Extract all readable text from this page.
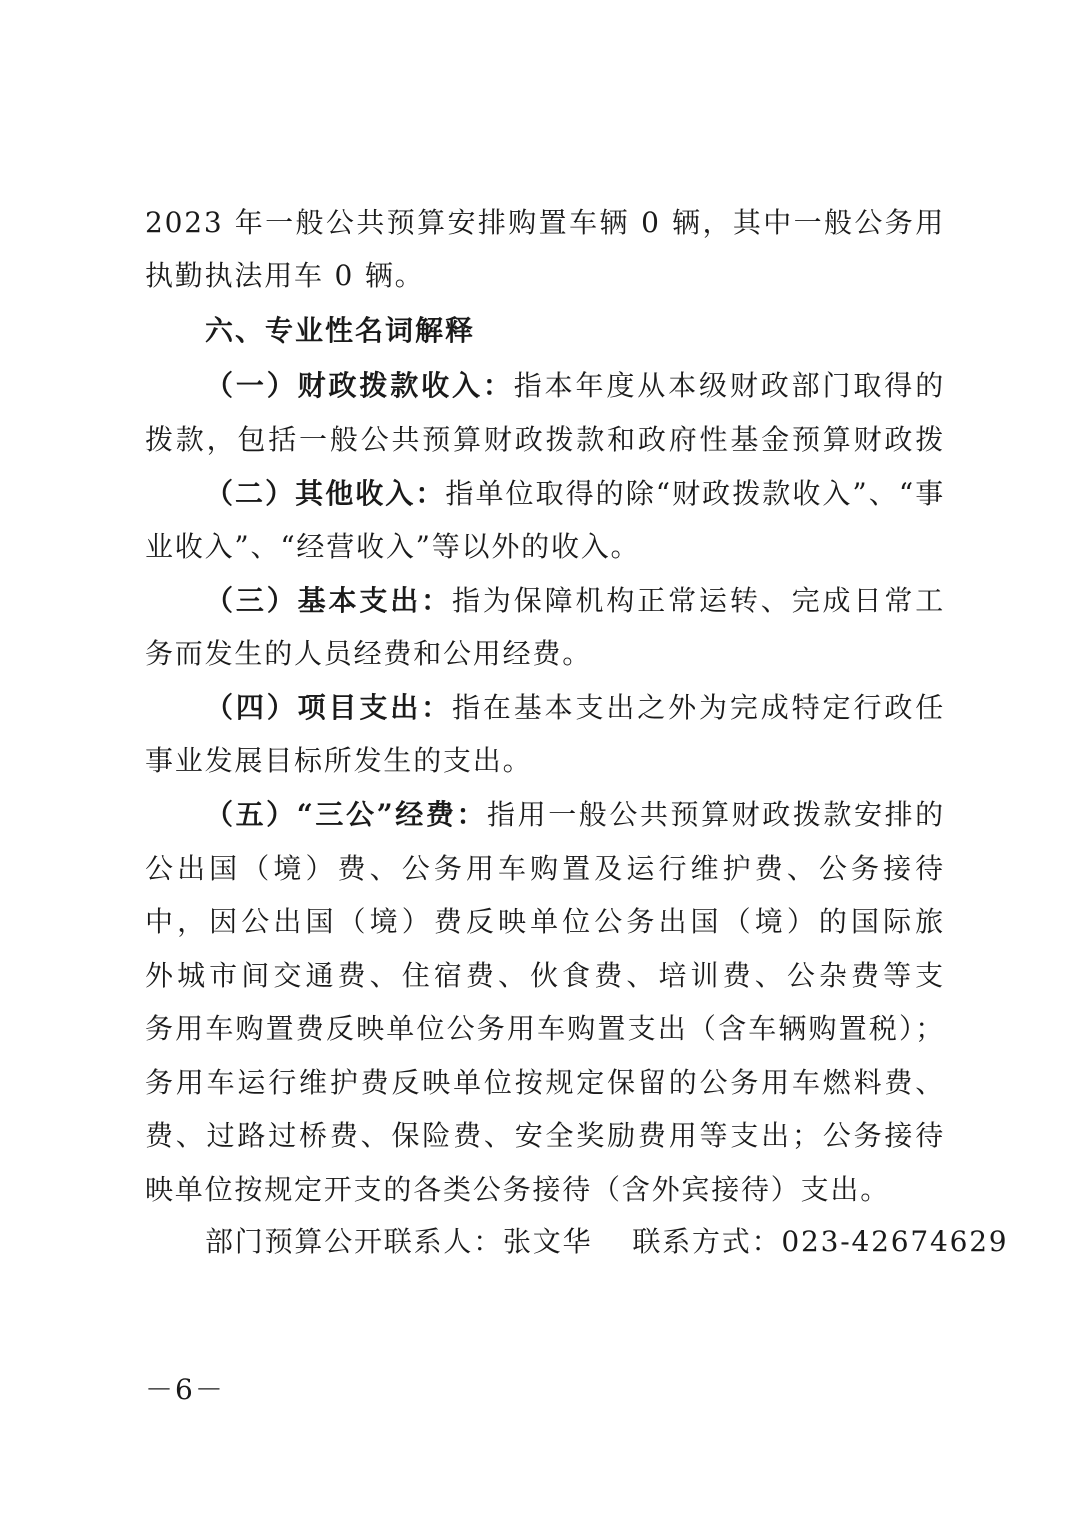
2023 年一般公共预算安排购置车辆 0 辆，其中一般公务用
执勤执法用车 0 辆。
六、专业性名词解释
（一）财政拨款收入：指本年度从本级财政部门取得的
拨款，包括一般公共预算财政拨款和政府性基金预算财政拨
（二）其他收入：指单位取得的除“财政拨款收入”、“事
业收入”、“经营收入”等以外的收入。
（三）基本支出：指为保障机构正常运转、完成日常工
务而发生的人员经费和公用经费。
（四）项目支出：指在基本支出之外为完成特定行政任
事业发展目标所发生的支出。
（五）“三公”经费：指用一般公共预算财政拨款安排的
公出国（境）费、公务用车购置及运行维护费、公务接待
中，因公出国（境）费反映单位公务出国（境）的国际旅
外城市间交通费、住宿费、伙食费、培训费、公杂费等支
务用车购置费反映单位公务用车购置支出（含车辆购置税）；
务用车运行维护费反映单位按规定保留的公务用车燃料费、
费、过路过桥费、保险费、安全奖励费用等支出；公务接待
映单位按规定开支的各类公务接待（含外宾接待）支出。
部门预算公开联系人：张文华 联系方式：023-42674629
－6－
